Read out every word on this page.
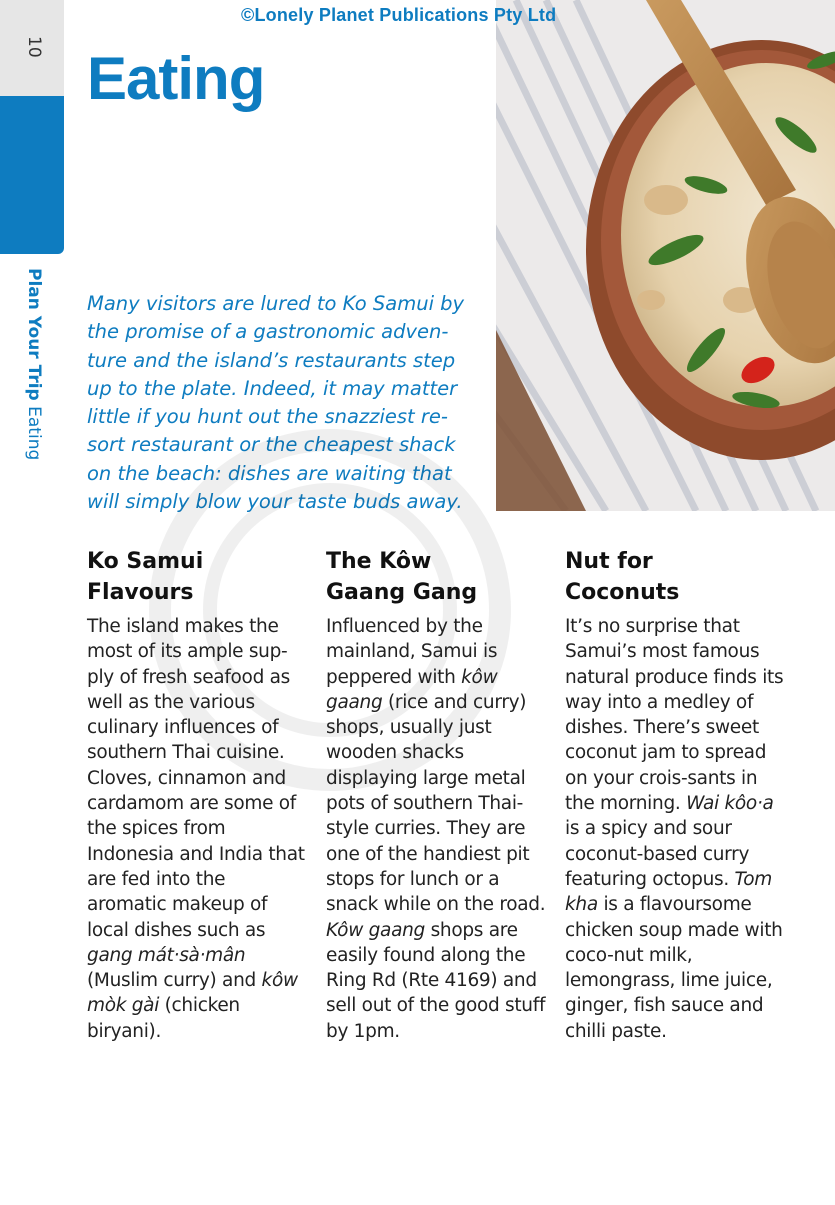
10
Plan Your Trip Eating
©Lonely Planet Publications Pty Ltd
Eating

Many visitors are lured to Ko Samui by the promise of a gastronomic adven-ture and the island’s restaurants step up to the plate. Indeed, it may matter little if you hunt out the snazziest re-sort restaurant or the cheapest shack on the beach: dishes are waiting that will simply blow your taste buds away.

Ko Samui
Flavours

The island makes the most of its ample sup-ply of fresh seafood as well as the various culinary influences of southern Thai cuisine. Cloves, cinnamon and cardamom are some of the spices from Indonesia and India that are fed into the aromatic makeup of local dishes such as gang mát·sà·mân (Muslim curry) and kôw mòk gài (chicken biryani).

The Kôw
Gaang Gang

Influenced by the mainland, Samui is peppered with kôw gaang (rice and curry) shops, usually just wooden shacks displaying large metal pots of southern Thai-style curries. They are one of the handiest pit stops for lunch or a snack while on the road. Kôw gaang shops are easily found along the Ring Rd (Rte 4169) and sell out of the good stuff by 1pm.

Nut for
Coconuts

It’s no surprise that Samui’s most famous natural produce finds its way into a medley of dishes. There’s sweet coconut jam to spread on your crois-sants in the morning. Wai kôo·a is a spicy and sour coconut-based curry featuring octopus. Tom kha is a flavoursome chicken soup made with coco-nut milk, lemongrass, lime juice, ginger, fish sauce and chilli paste.
